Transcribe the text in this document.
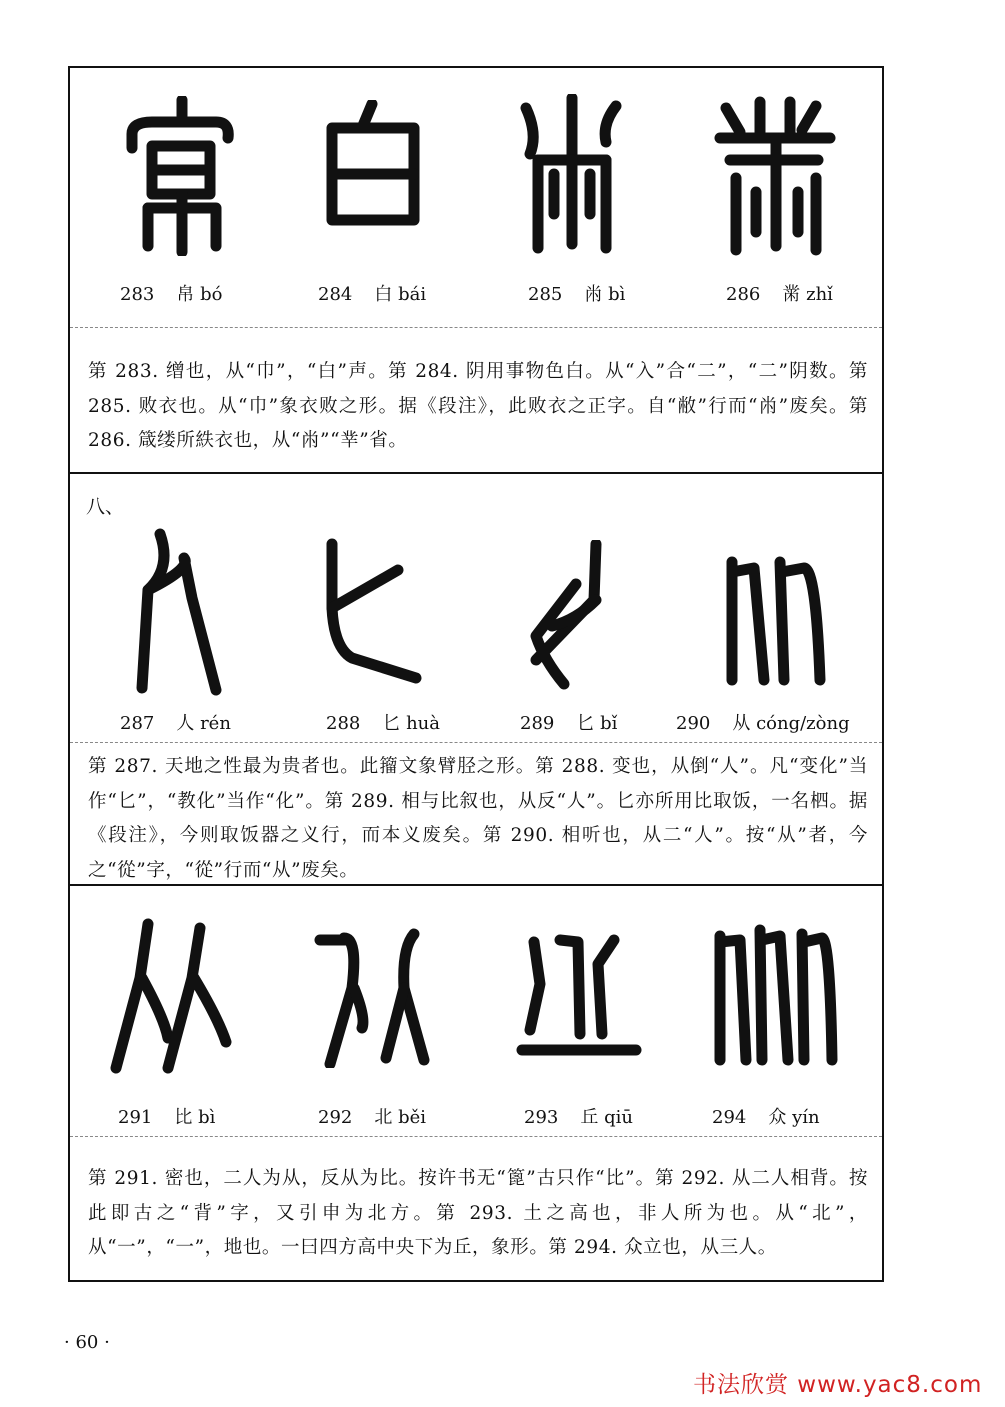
283 帛 bó	284 白 bái	285 㡀 bì	286 黹 zhǐ

第 283. 缯也，从“巾”，“白”声。第 284. 阴用事物色白。从“入”合“二”，“二”阴数。第 285. 败衣也。从“巾”象衣败之形。据《段注》，此败衣之正字。自“敝”行而“㡀”废矣。第 286. 箴缕所紩衣也，从“㡀”“丵”省。

八、
287 人 rén	288 匕 huà	289 匕 bǐ	290 从 cóng/zòng

第 287. 天地之性最为贵者也。此籀文象臂胫之形。第 288. 变也，从倒“人”。凡“变化”当作“匕”，“教化”当作“化”。第 289. 相与比叙也，从反“人”。匕亦所用比取饭，一名柶。据《段注》，今则取饭器之义行，而本义废矣。第 290. 相听也，从二“人”。按“从”者，今之“從”字，“從”行而“从”废矣。

291 比 bì	292 北 běi	293 丘 qiū	294 众 yín

第 291. 密也，二人为从，反从为比。按许书无“篦”古只作“比”。第 292. 从二人相背。按此即古之“背”字，又引申为北方。第 293. 土之高也，非人所为也。从“北”，从“一”，“一”，地也。一曰四方高中央下为丘，象形。第 294. 众立也，从三人。

· 60 ·
书法欣赏 www.yac8.com
